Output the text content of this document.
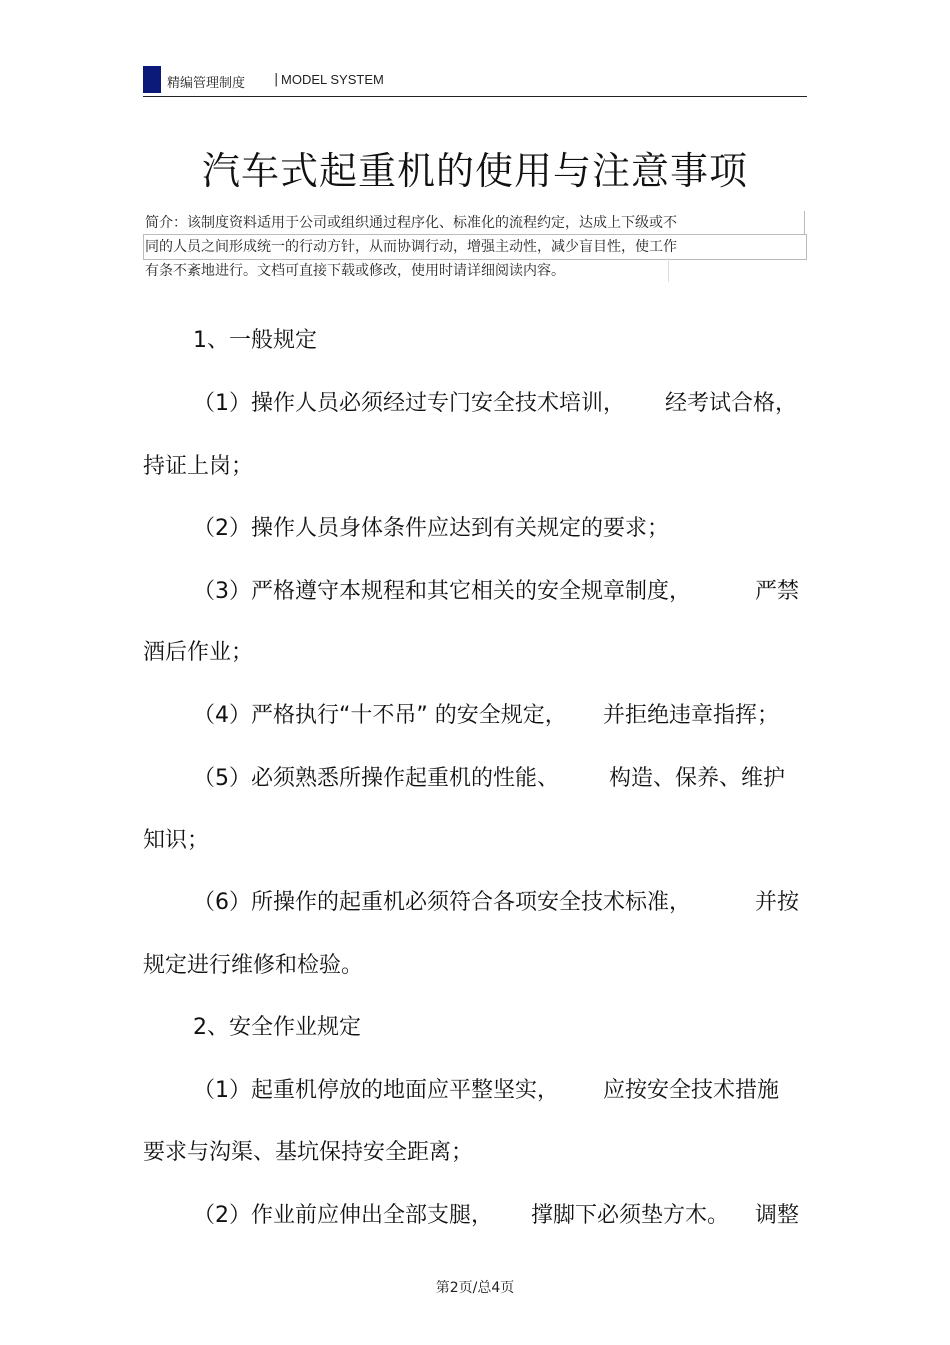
精编管理制度 | MODEL SYSTEM
汽车式起重机的使用与注意事项
简介：该制度资料适用于公司或组织通过程序化、标准化的流程约定，达成上下级或不
同的人员之间形成统一的行动方针，从而协调行动，增强主动性，减少盲目性，使工作
有条不紊地进行。文档可直接下载或修改，使用时请详细阅读内容。
1、一般规定
（1）操作人员必须经过专门安全技术培训， 经考试合格，
持证上岗；
（2）操作人员身体条件应达到有关规定的要求；
（3）严格遵守本规程和其它相关的安全规章制度，	严禁
酒后作业；
（4）严格执行“十不吊” 的安全规定， 并拒绝违章指挥；
（5）必须熟悉所操作起重机的性能、 构造、保养、维护
知识；
（6）所操作的起重机必须符合各项安全技术标准，	并按
规定进行维修和检验。
2、安全作业规定
（1）起重机停放的地面应平整坚实， 应按安全技术措施
要求与沟渠、基坑保持安全距离；
（2）作业前应伸出全部支腿， 撑脚下必须垫方木。 调整
第2页/总4页
